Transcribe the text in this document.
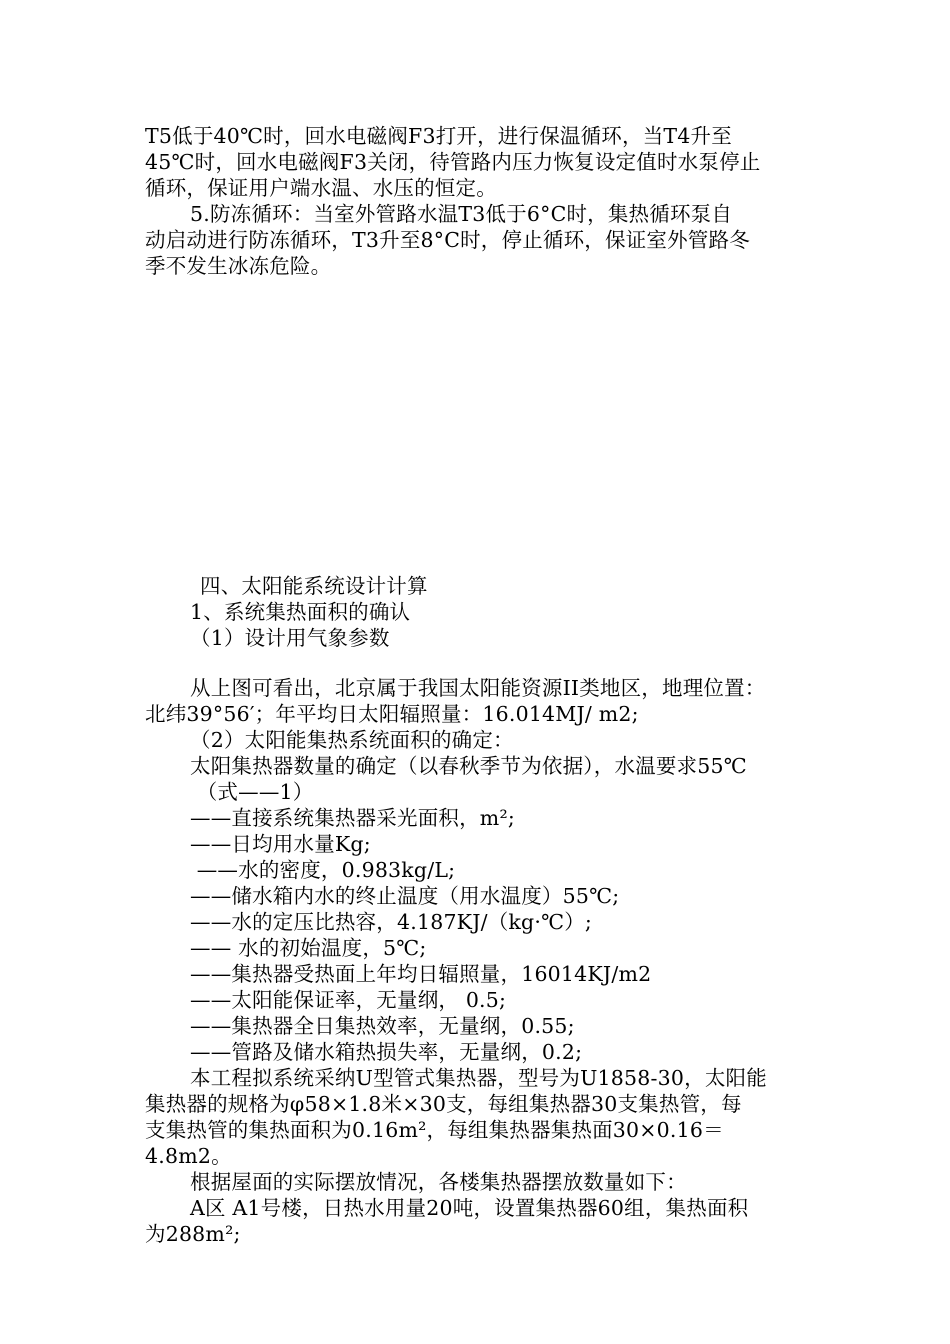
T5低于40℃时，回水电磁阀F3打开，进行保温循环，当T4升至
45℃时，回水电磁阀F3关闭，待管路内压力恢复设定值时水泵停止
循环，保证用户端水温、水压的恒定。
5.防冻循环：当室外管路水温T3低于6°C时，集热循环泵自
动启动进行防冻循环，T3升至8°C时，停止循环，保证室外管路冬
季不发生冰冻危险。
四、太阳能系统设计计算
1、系统集热面积的确认
（1）设计用气象参数
从上图可看出，北京属于我国太阳能资源II类地区，地理位置：
北纬39°56′；年平均日太阳辐照量：16.014MJ/ m2;
（2）太阳能集热系统面积的确定：
太阳集热器数量的确定（以春秋季节为依据），水温要求55℃
（式——1）
——直接系统集热器采光面积，m²;
——日均用水量Kg;
——水的密度，0.983kg/L;
——储水箱内水的终止温度（用水温度）55℃;
——水的定压比热容，4.187KJ/（kg·℃）;
—— 水的初始温度，5℃;
——集热器受热面上年均日辐照量，16014KJ/m2
——太阳能保证率，无量纲， 0.5;
——集热器全日集热效率，无量纲，0.55;
——管路及储水箱热损失率，无量纲，0.2;
本工程拟系统采纳U型管式集热器，型号为U1858-30，太阳能
集热器的规格为φ58×1.8米×30支，每组集热器30支集热管，每
支集热管的集热面积为0.16m²，每组集热器集热面30×0.16＝
4.8m2。
根据屋面的实际摆放情况，各楼集热器摆放数量如下：
A区 A1号楼，日热水用量20吨，设置集热器60组，集热面积
为288m²;
